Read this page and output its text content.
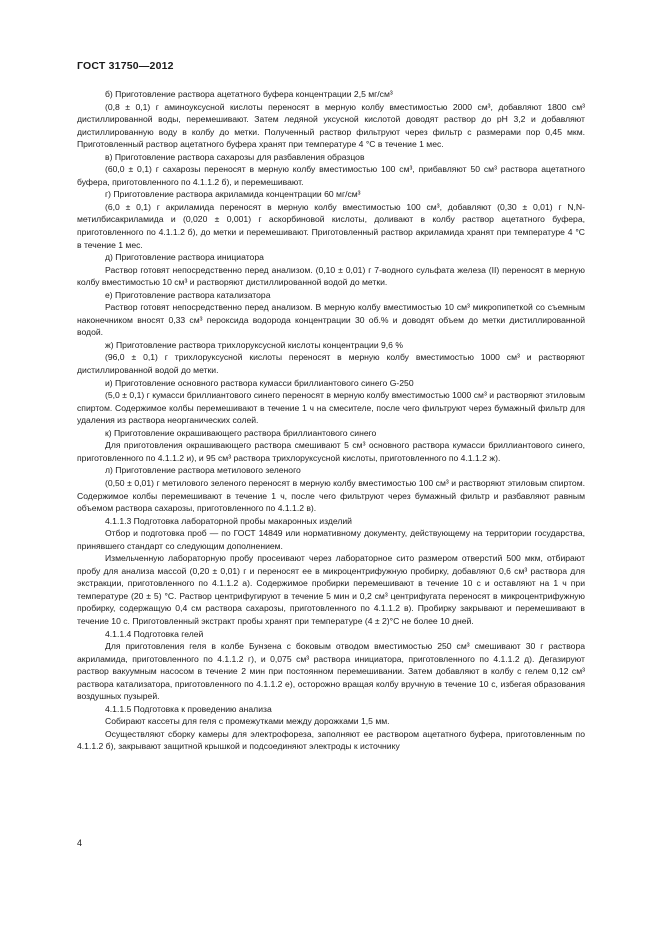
ГОСТ 31750—2012

б) Приготовление раствора ацетатного буфера концентрации 2,5 мг/см³

(0,8 ± 0,1) г аминоуксусной кислоты переносят в мерную колбу вместимостью 2000 см³, добавляют 1800 см³ дистиллированной воды, перемешивают. Затем ледяной уксусной кислотой доводят раствор до pH 3,2 и добавляют дистиллированную воду в колбу до метки. Полученный раствор фильтруют через фильтр с размерами пор 0,45 мкм. Приготовленный раствор ацетатного буфера хранят при температуре 4 °С в течение 1 мес.

в) Приготовление раствора сахарозы для разбавления образцов

(60,0 ± 0,1) г сахарозы переносят в мерную колбу вместимостью 100 см³, прибавляют 50 см³ раствора ацетатного буфера, приготовленного по 4.1.1.2 б), и перемешивают.

г) Приготовление раствора акриламида концентрации 60 мг/см³

(6,0 ± 0,1) г акриламида переносят в мерную колбу вместимостью 100 см³, добавляют (0,30 ± 0,01) г N,N-метилбисакриламида и (0,020 ± 0,001) г аскорбиновой кислоты, доливают в колбу раствор ацетатного буфера, приготовленного по 4.1.1.2 б), до метки и перемешивают. Приготовленный раствор акриламида хранят при температуре 4 °С в течение 1 мес.

д) Приготовление раствора инициатора

Раствор готовят непосредственно перед анализом. (0,10 ± 0,01) г 7-водного сульфата железа (II) переносят в мерную колбу вместимостью 10 см³ и растворяют дистиллированной водой до метки.

е) Приготовление раствора катализатора

Раствор готовят непосредственно перед анализом. В мерную колбу вместимостью 10 см³ микропипеткой со съемным наконечником вносят 0,33 см³ пероксида водорода концентрации 30 об.% и доводят объем до метки дистиллированной водой.

ж) Приготовление раствора трихлоруксусной кислоты концентрации 9,6 %

(96,0 ± 0,1) г трихлоруксусной кислоты переносят в мерную колбу вместимостью 1000 см³ и растворяют дистиллированной водой до метки.

и) Приготовление основного раствора кумасси бриллиантового синего G-250

(5,0 ± 0,1) г кумасси бриллиантового синего переносят в мерную колбу вместимостью 1000 см³ и растворяют этиловым спиртом. Содержимое колбы перемешивают в течение 1 ч на смесителе, после чего фильтруют через бумажный фильтр для удаления из раствора неорганических солей.

к) Приготовление окрашивающего раствора бриллиантового синего

Для приготовления окрашивающего раствора смешивают 5 см³ основного раствора кумасси бриллиантового синего, приготовленного по 4.1.1.2 и), и 95 см³ раствора трихлоруксусной кислоты, приготовленного по 4.1.1.2 ж).

л) Приготовление раствора метилового зеленого

(0,50 ± 0,01) г метилового зеленого переносят в мерную колбу вместимостью 100 см³ и растворяют этиловым спиртом. Содержимое колбы перемешивают в течение 1 ч, после чего фильтруют через бумажный фильтр и разбавляют равным объемом раствора сахарозы, приготовленного по 4.1.1.2 в).

4.1.1.3 Подготовка лабораторной пробы макаронных изделий

Отбор и подготовка проб — по ГОСТ 14849 или нормативному документу, действующему на территории государства, принявшего стандарт со следующим дополнением.

Измельченную лабораторную пробу просеивают через лабораторное сито размером отверстий 500 мкм, отбирают пробу для анализа массой (0,20 ± 0,01) г и переносят ее в микроцентрифужную пробирку, добавляют 0,6 см³ раствора для экстракции, приготовленного по 4.1.1.2 а). Содержимое пробирки перемешивают в течение 10 с и оставляют на 1 ч при температуре (20 ± 5) °С. Раствор центрифугируют в течение 5 мин и 0,2 см³ центрифугата переносят в микроцентрифужную пробирку, содержащую 0,4 см раствора сахарозы, приготовленного по 4.1.1.2 в). Пробирку закрывают и перемешивают в течение 10 с. Приготовленный экстракт пробы хранят при температуре (4 ± 2)°С не более 10 дней.

4.1.1.4 Подготовка гелей

Для приготовления геля в колбе Бунзена с боковым отводом вместимостью 250 см³ смешивают 30 г раствора акриламида, приготовленного по 4.1.1.2 г), и 0,075 см³ раствора инициатора, приготовленного по 4.1.1.2 д). Дегазируют раствор вакуумным насосом в течение 2 мин при постоянном перемешивании. Затем добавляют в колбу с гелем 0,12 см³ раствора катализатора, приготовленного по 4.1.1.2 е), осторожно вращая колбу вручную в течение 10 с, избегая образования воздушных пузырей.

4.1.1.5 Подготовка к проведению анализа

Собирают кассеты для геля с промежутками между дорожками 1,5 мм.

Осуществляют сборку камеры для электрофореза, заполняют ее раствором ацетатного буфера, приготовленным по 4.1.1.2 б), закрывают защитной крышкой и подсоединяют электроды к источнику

4
